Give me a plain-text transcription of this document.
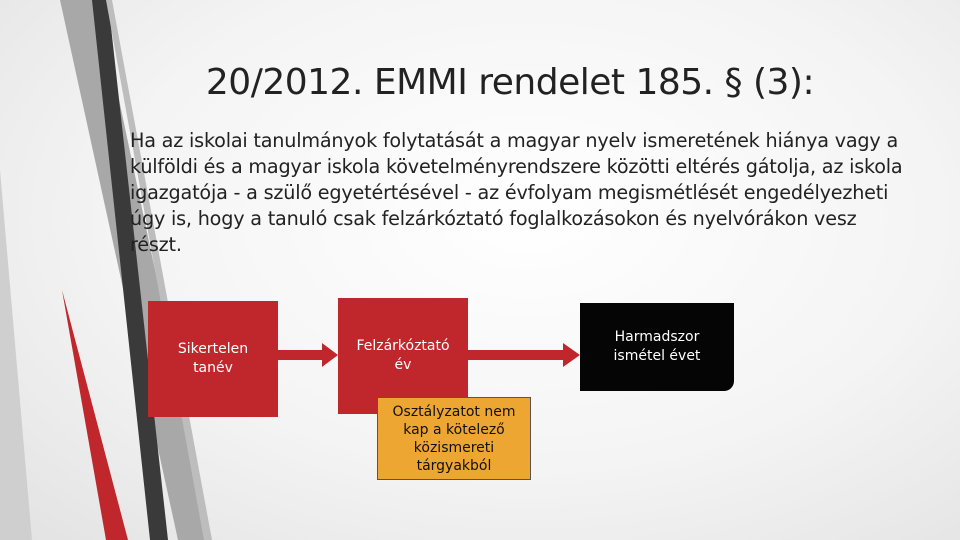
20/2012. EMMI rendelet 185. § (3):
Ha az iskolai tanulmányok folytatását a magyar nyelv ismeretének hiánya vagy a külföldi és a magyar iskola követelményrendszere közötti eltérés gátolja, az iskola igazgatója - a szülő egyetértésével - az évfolyam megismétlését engedélyezheti úgy is, hogy a tanuló csak felzárkóztató foglalkozásokon és nyelvórákon vesz részt.
Sikertelen
tanév
Felzárkóztató
év
Harmadszor
ismétel évet
Osztályzatot nem
kap a kötelező
közismereti
tárgyakból
